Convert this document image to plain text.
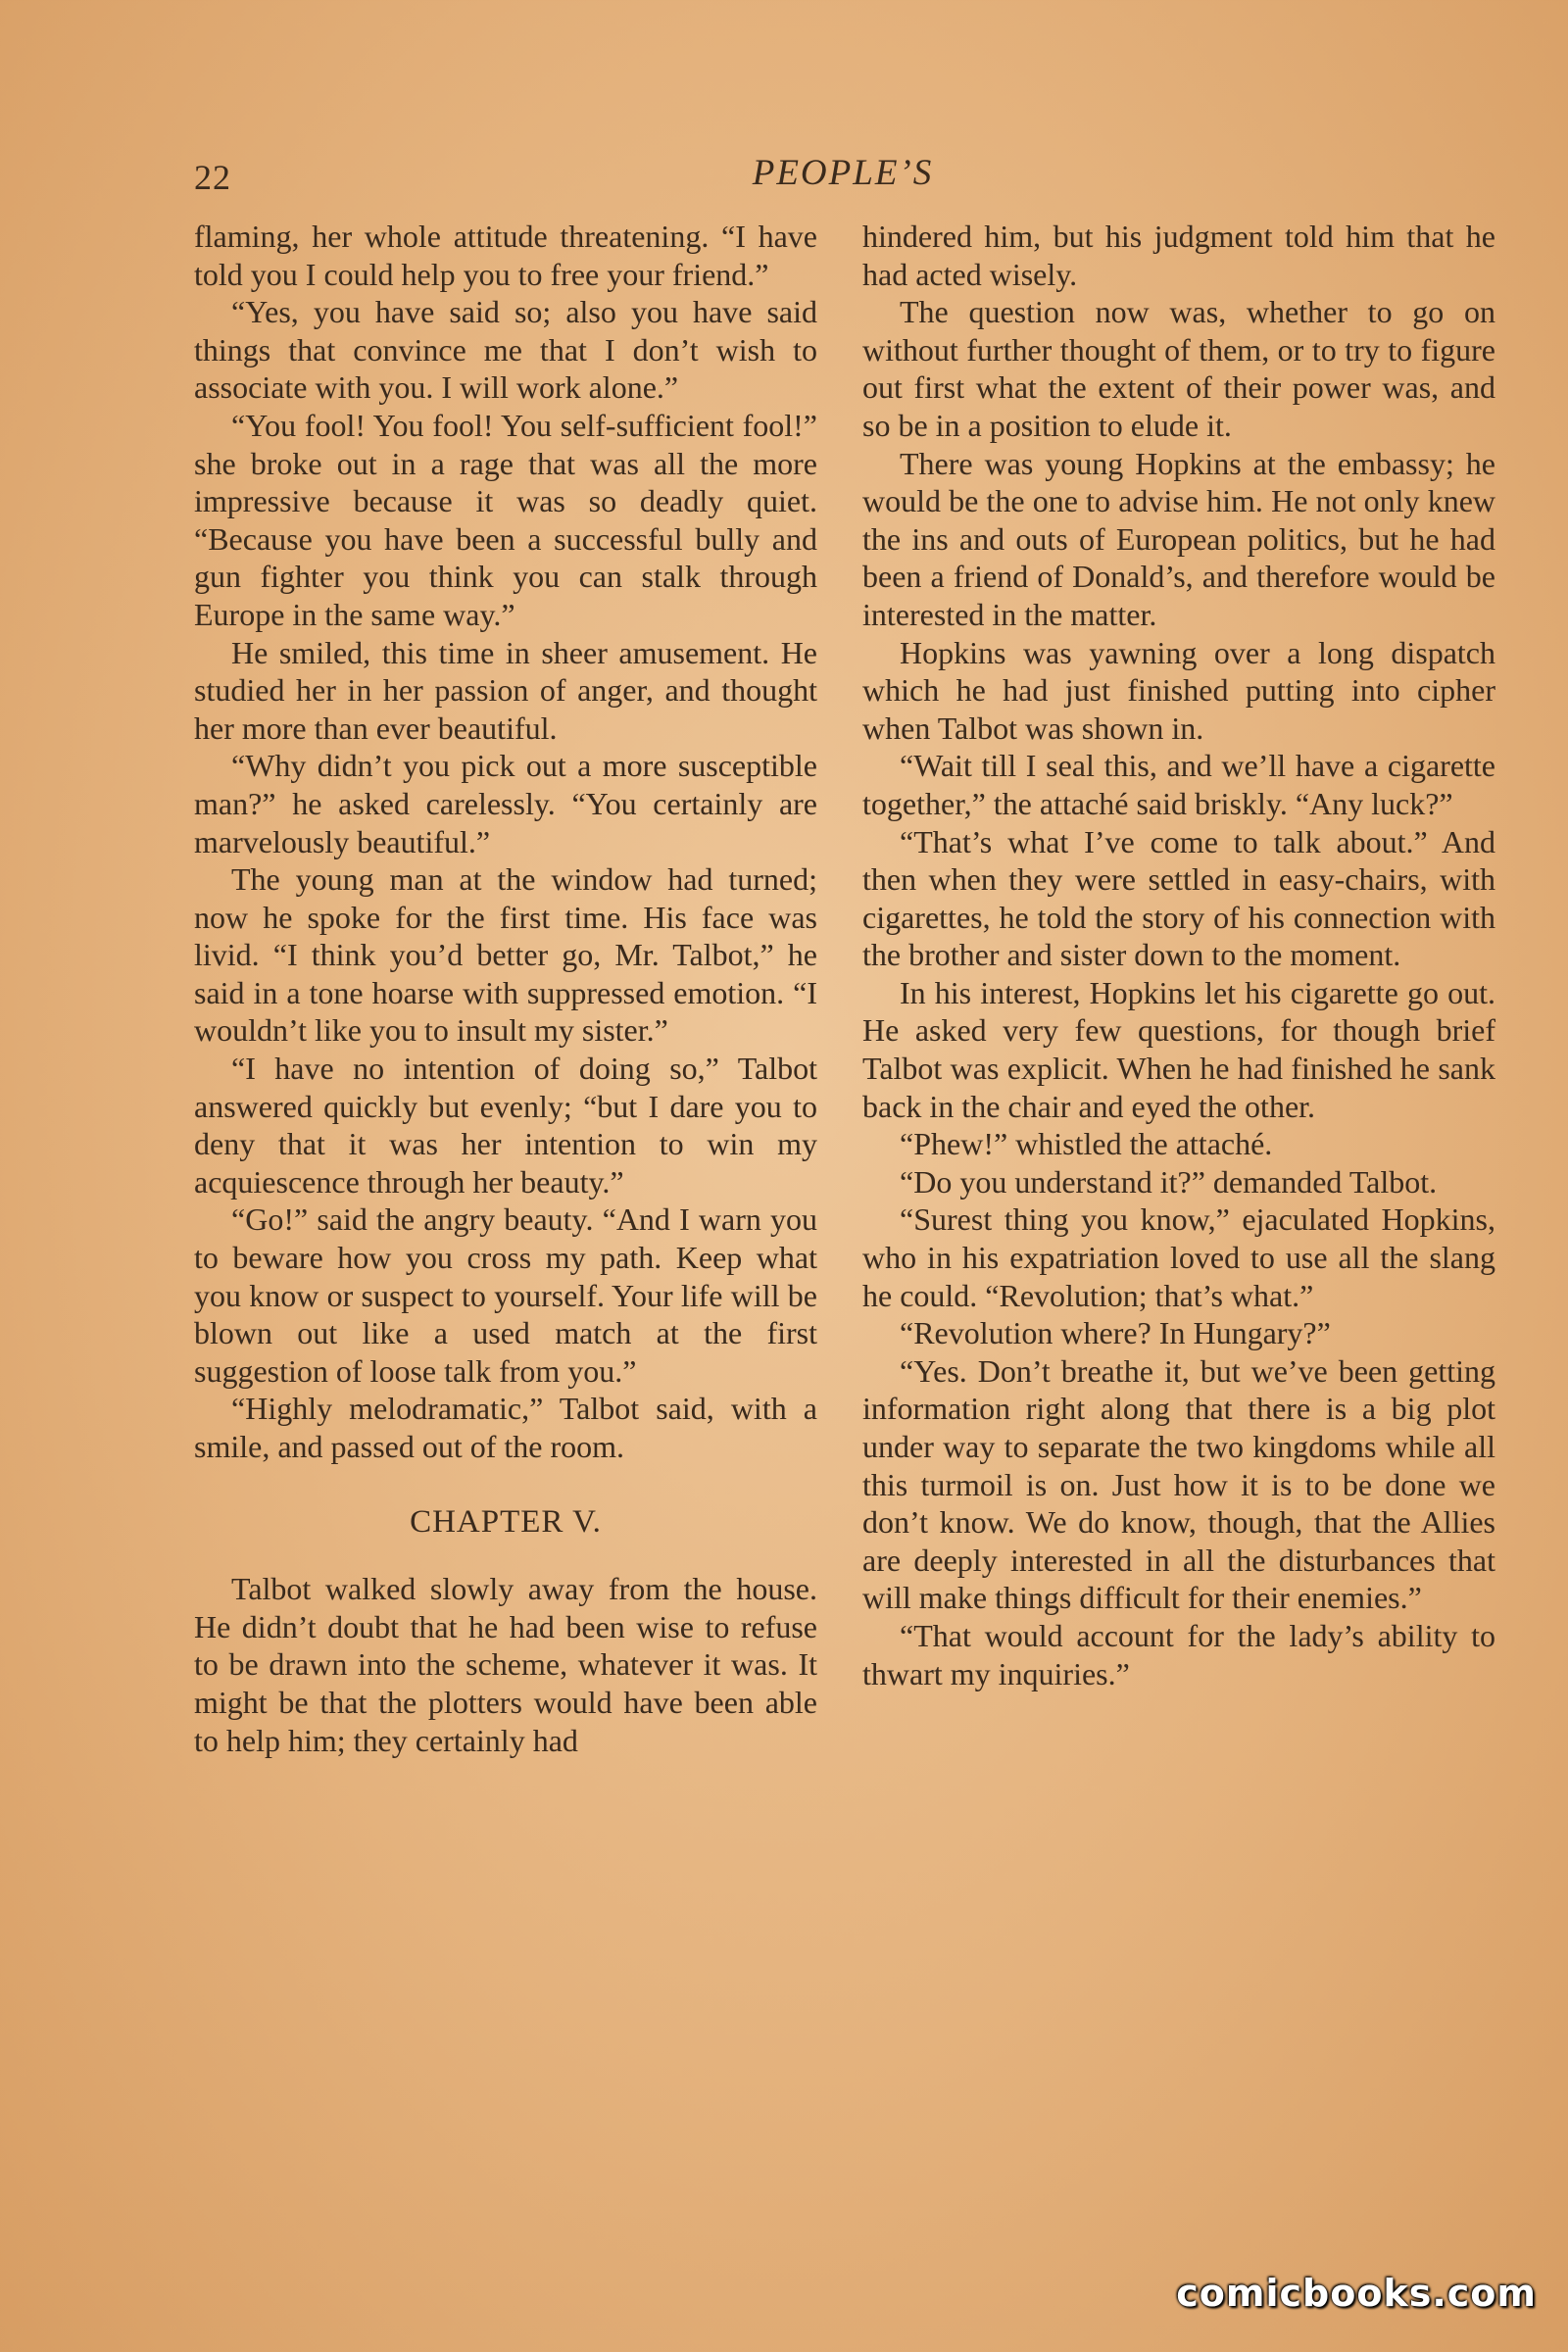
22	PEOPLE’S

flaming, her whole attitude threatening. “I have told you I could help you to free your friend.”

“Yes, you have said so; also you have said things that convince me that I don’t wish to associate with you. I will work alone.”

“You fool! You fool! You self-sufficient fool!” she broke out in a rage that was all the more impressive because it was so deadly quiet. “Because you have been a successful bully and gun fighter you think you can stalk through Europe in the same way.”

He smiled, this time in sheer amusement. He studied her in her passion of anger, and thought her more than ever beautiful.

“Why didn’t you pick out a more susceptible man?” he asked carelessly. “You certainly are marvelously beautiful.”

The young man at the window had turned; now he spoke for the first time. His face was livid. “I think you’d better go, Mr. Talbot,” he said in a tone hoarse with suppressed emotion. “I wouldn’t like you to insult my sister.”

“I have no intention of doing so,” Talbot answered quickly but evenly; “but I dare you to deny that it was her intention to win my acquiescence through her beauty.”

“Go!” said the angry beauty. “And I warn you to beware how you cross my path. Keep what you know or suspect to yourself. Your life will be blown out like a used match at the first suggestion of loose talk from you.”

“Highly melodramatic,” Talbot said, with a smile, and passed out of the room.

CHAPTER V.

Talbot walked slowly away from the house. He didn’t doubt that he had been wise to refuse to be drawn into the scheme, whatever it was. It might be that the plotters would have been able to help him; they certainly had

hindered him, but his judgment told him that he had acted wisely.

The question now was, whether to go on without further thought of them, or to try to figure out first what the extent of their power was, and so be in a position to elude it.

There was young Hopkins at the embassy; he would be the one to advise him. He not only knew the ins and outs of European politics, but he had been a friend of Donald’s, and therefore would be interested in the matter.

Hopkins was yawning over a long dispatch which he had just finished putting into cipher when Talbot was shown in.

“Wait till I seal this, and we’ll have a cigarette together,” the attaché said briskly. “Any luck?”

“That’s what I’ve come to talk about.” And then when they were settled in easy-chairs, with cigarettes, he told the story of his connection with the brother and sister down to the moment.

In his interest, Hopkins let his cigarette go out. He asked very few questions, for though brief Talbot was explicit. When he had finished he sank back in the chair and eyed the other.

“Phew!” whistled the attaché.

“Do you understand it?” demanded Talbot.

“Surest thing you know,” ejaculated Hopkins, who in his expatriation loved to use all the slang he could. “Revolution; that’s what.”

“Revolution where? In Hungary?”

“Yes. Don’t breathe it, but we’ve been getting information right along that there is a big plot under way to separate the two kingdoms while all this turmoil is on. Just how it is to be done we don’t know. We do know, though, that the Allies are deeply interested in all the disturbances that will make things difficult for their enemies.”

“That would account for the lady’s ability to thwart my inquiries.”

comicbooks.com
